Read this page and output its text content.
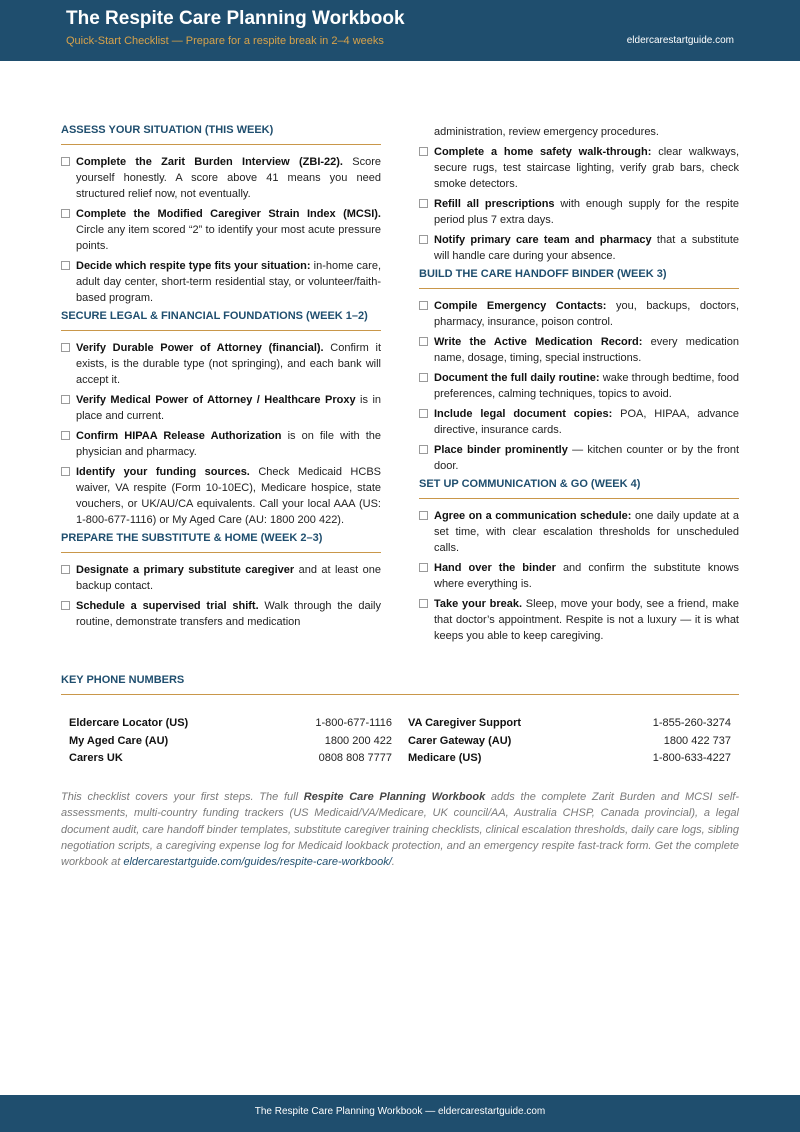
The Respite Care Planning Workbook
Quick-Start Checklist — Prepare for a respite break in 2–4 weeks	eldercarestartguide.com
ASSESS YOUR SITUATION (THIS WEEK)
Complete the Zarit Burden Interview (ZBI-22). Score yourself honestly. A score above 41 means you need structured relief now, not eventually.
Complete the Modified Caregiver Strain Index (MCSI). Circle any item scored “2” to identify your most acute pressure points.
Decide which respite type fits your situation: in-home care, adult day center, short-term residential stay, or volunteer/faith-based program.
SECURE LEGAL & FINANCIAL FOUNDATIONS (WEEK 1–2)
Verify Durable Power of Attorney (financial). Confirm it exists, is the durable type (not springing), and each bank will accept it.
Verify Medical Power of Attorney / Healthcare Proxy is in place and current.
Confirm HIPAA Release Authorization is on file with the physician and pharmacy.
Identify your funding sources. Check Medicaid HCBS waiver, VA respite (Form 10-10EC), Medicare hospice, state vouchers, or UK/AU/CA equivalents. Call your local AAA (US: 1-800-677-1116) or My Aged Care (AU: 1800 200 422).
PREPARE THE SUBSTITUTE & HOME (WEEK 2–3)
Designate a primary substitute caregiver and at least one backup contact.
Schedule a supervised trial shift. Walk through the daily routine, demonstrate transfers and medication
administration, review emergency procedures.
Complete a home safety walk-through: clear walkways, secure rugs, test staircase lighting, verify grab bars, check smoke detectors.
Refill all prescriptions with enough supply for the respite period plus 7 extra days.
Notify primary care team and pharmacy that a substitute will handle care during your absence.
BUILD THE CARE HANDOFF BINDER (WEEK 3)
Compile Emergency Contacts: you, backups, doctors, pharmacy, insurance, poison control.
Write the Active Medication Record: every medication name, dosage, timing, special instructions.
Document the full daily routine: wake through bedtime, food preferences, calming techniques, topics to avoid.
Include legal document copies: POA, HIPAA, advance directive, insurance cards.
Place binder prominently — kitchen counter or by the front door.
SET UP COMMUNICATION & GO (WEEK 4)
Agree on a communication schedule: one daily update at a set time, with clear escalation thresholds for unscheduled calls.
Hand over the binder and confirm the substitute knows where everything is.
Take your break. Sleep, move your body, see a friend, make that doctor’s appointment. Respite is not a luxury — it is what keeps you able to keep caregiving.
KEY PHONE NUMBERS
Eldercare Locator (US)	1-800-677-1116
My Aged Care (AU)	1800 200 422
Carers UK	0808 808 7777
VA Caregiver Support	1-855-260-3274
Carer Gateway (AU)	1800 422 737
Medicare (US)	1-800-633-4227
This checklist covers your first steps. The full Respite Care Planning Workbook adds the complete Zarit Burden and MCSI self-assessments, multi-country funding trackers (US Medicaid/VA/Medicare, UK council/AA, Australia CHSP, Canada provincial), a legal document audit, care handoff binder templates, substitute caregiver training checklists, clinical escalation thresholds, daily care logs, sibling negotiation scripts, a caregiving expense log for Medicaid lookback protection, and an emergency respite fast-track form. Get the complete workbook at eldercarestartguide.com/guides/respite-care-workbook/.
The Respite Care Planning Workbook — eldercarestartguide.com
